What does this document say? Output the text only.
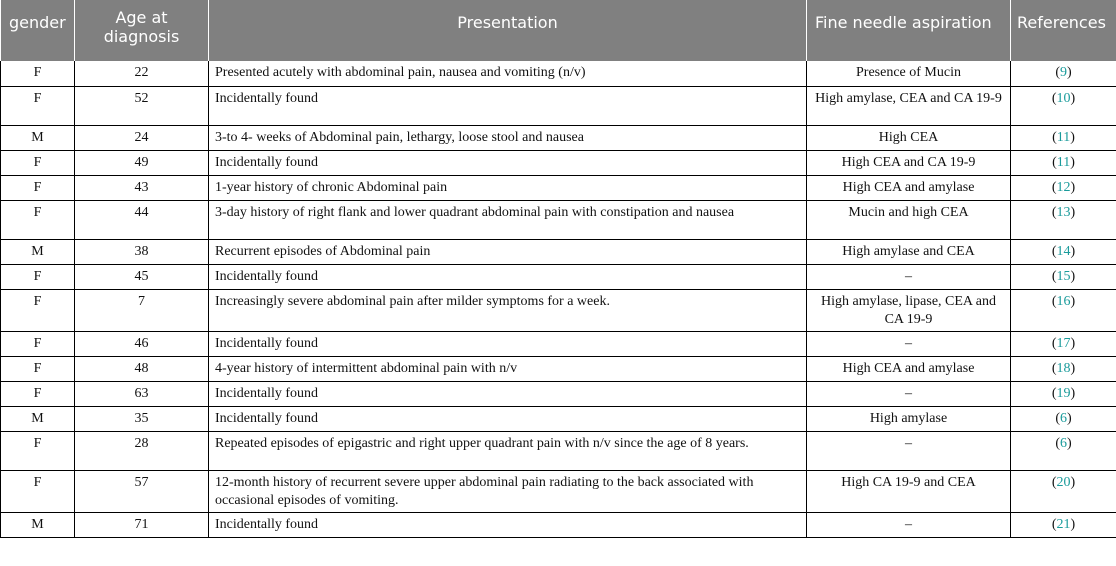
gender	Age at diagnosis	Presentation	Fine needle aspiration	References
F	22	Presented acutely with abdominal pain, nausea and vomiting (n/v)	Presence of Mucin	(9)
F	52	Incidentally found	High amylase, CEA and CA 19-9	(10)
M	24	3-to 4- weeks of Abdominal pain, lethargy, loose stool and nausea	High CEA	(11)
F	49	Incidentally found	High CEA and CA 19-9	(11)
F	43	1-year history of chronic Abdominal pain	High CEA and amylase	(12)
F	44	3-day history of right flank and lower quadrant abdominal pain with constipation and nausea	Mucin and high CEA	(13)
M	38	Recurrent episodes of Abdominal pain	High amylase and CEA	(14)
F	45	Incidentally found	–	(15)
F	7	Increasingly severe abdominal pain after milder symptoms for a week.	High amylase, lipase, CEA and CA 19-9	(16)
F	46	Incidentally found	–	(17)
F	48	4-year history of intermittent abdominal pain with n/v	High CEA and amylase	(18)
F	63	Incidentally found	–	(19)
M	35	Incidentally found	High amylase	(6)
F	28	Repeated episodes of epigastric and right upper quadrant pain with n/v since the age of 8 years.	–	(6)
F	57	12-month history of recurrent severe upper abdominal pain radiating to the back associated with occasional episodes of vomiting.	High CA 19-9 and CEA	(20)
M	71	Incidentally found	–	(21)
